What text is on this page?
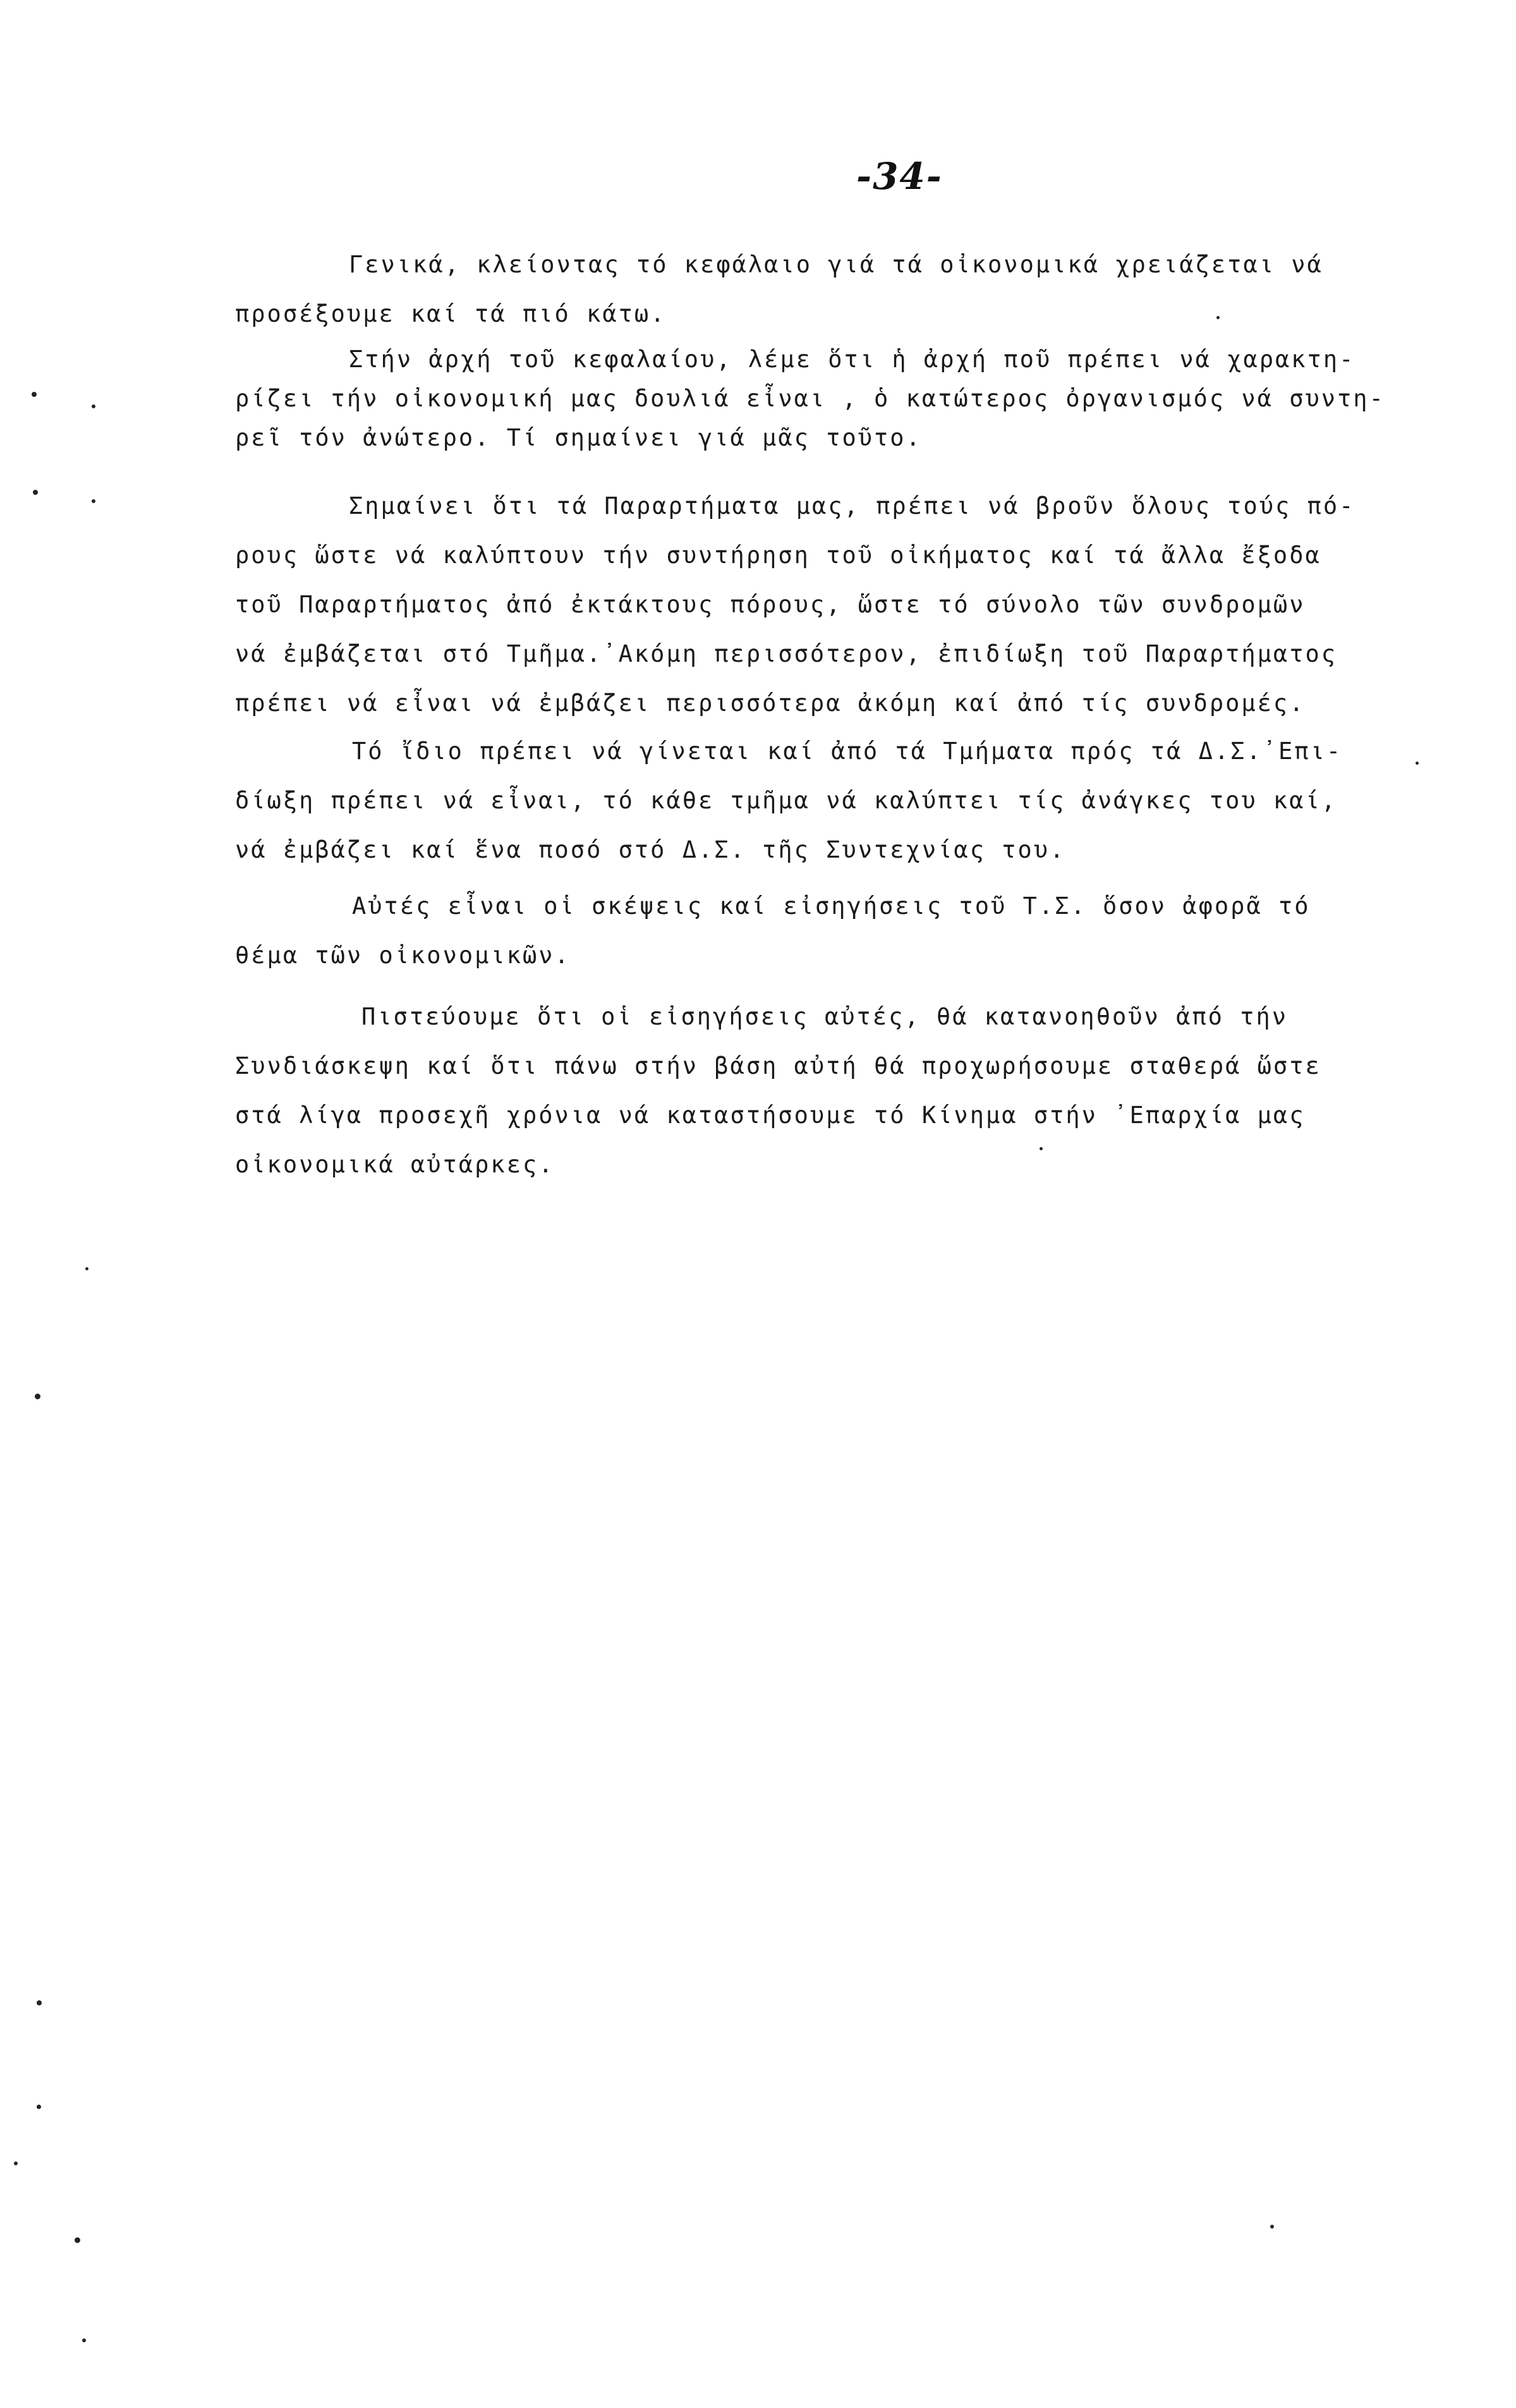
-34-

Γενικά, κλείοντας τό κεφάλαιο γιά τά οἰκονομικά χρειάζεται νά
προσέξουμε καί τά πιό κάτω.

Στήν ἀρχή τοῦ κεφαλαίου, λέμε ὅτι ἡ ἀρχή ποῦ πρέπει νά χαρακτη-
ρίζει τήν οἰκονομική μας δουλιά εἶναι , ὁ κατώτερος ὀργανισμός νά συντη-
ρεῖ τόν ἀνώτερο. Τί σημαίνει γιά μᾶς τοῦτο.

Σημαίνει ὅτι τά Παραρτήματα μας, πρέπει νά βροῦν ὅλους τούς πό-
ρους ὥστε νά καλύπτουν τήν συντήρηση τοῦ οἰκήματος καί τά ἄλλα ἔξοδα
τοῦ Παραρτήματος ἀπό ἐκτάκτους πόρους, ὥστε τό σύνολο τῶν συνδρομῶν
νά ἐμβάζεται στό Τμῆμα.᾿Ακόμη περισσότερον, ἐπιδίωξη τοῦ Παραρτήματος
πρέπει νά εἶναι νά ἐμβάζει περισσότερα ἀκόμη καί ἀπό τίς συνδρομές.

Τό ἴδιο πρέπει νά γίνεται καί ἀπό τά Τμήματα πρός τά Δ.Σ.᾿Επι-
δίωξη πρέπει νά εἶναι, τό κάθε τμῆμα νά καλύπτει τίς ἀνάγκες του καί,
νά ἐμβάζει καί ἕνα ποσό στό Δ.Σ. τῆς Συντεχνίας του.

Αὐτές εἶναι οἱ σκέψεις καί εἰσηγήσεις τοῦ Τ.Σ. ὅσον ἀφορᾶ τό
θέμα τῶν οἰκονομικῶν.

Πιστεύουμε ὅτι οἱ εἰσηγήσεις αὐτές, θά κατανοηθοῦν ἀπό τήν
Συνδιάσκεψη καί ὅτι πάνω στήν βάση αὐτή θά προχωρήσουμε σταθερά ὥστε
στά λίγα προσεχῆ χρόνια νά καταστήσουμε τό Κίνημα στήν ᾿Επαρχία μας
οἰκονομικά αὐτάρκες.
